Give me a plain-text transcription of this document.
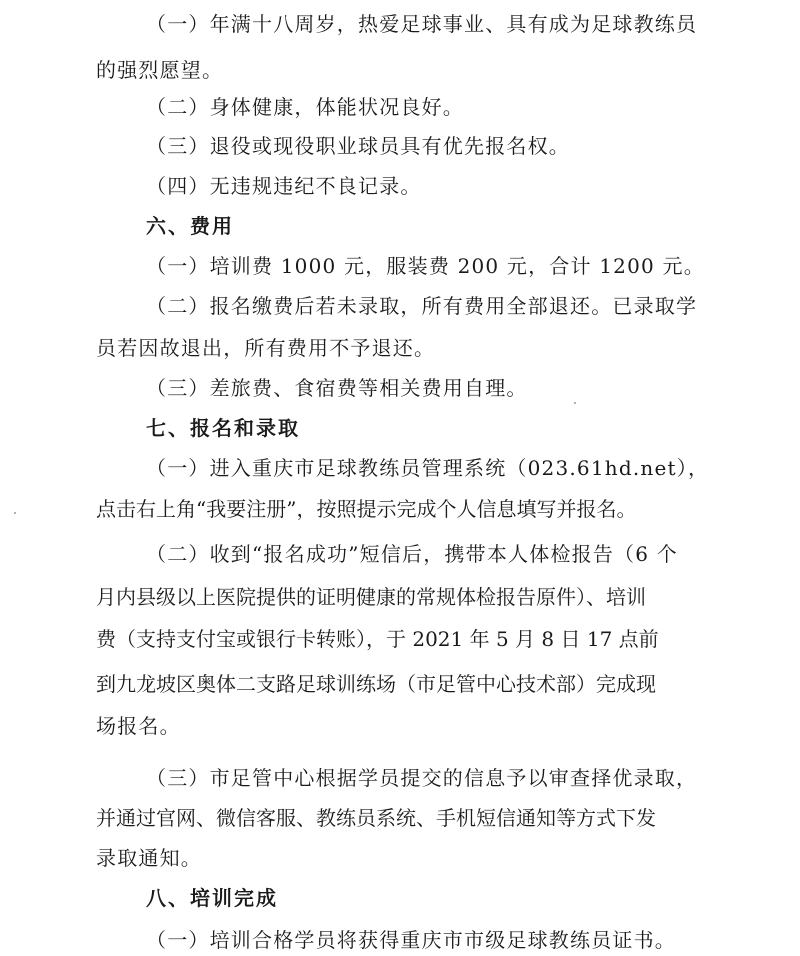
（一）年满十八周岁，热爱足球事业、具有成为足球教练员
的强烈愿望。
（二）身体健康，体能状况良好。
（三）退役或现役职业球员具有优先报名权。
（四）无违规违纪不良记录。
六、费用
（一）培训费 1000 元，服装费 200 元，合计 1200 元。
（二）报名缴费后若未录取，所有费用全部退还。已录取学
员若因故退出，所有费用不予退还。
（三）差旅费、食宿费等相关费用自理。
七、报名和录取
（一）进入重庆市足球教练员管理系统（023.61hd.net），
点击右上角“我要注册”，按照提示完成个人信息填写并报名。
（二）收到“报名成功”短信后，携带本人体检报告（6 个
月内县级以上医院提供的证明健康的常规体检报告原件）、培训
费（支持支付宝或银行卡转账），于 2021 年 5 月 8 日 17 点前
到九龙坡区奥体二支路足球训练场（市足管中心技术部）完成现
场报名。
（三）市足管中心根据学员提交的信息予以审查择优录取，
并通过官网、微信客服、教练员系统、手机短信通知等方式下发
录取通知。
八、培训完成
（一）培训合格学员将获得重庆市市级足球教练员证书。
